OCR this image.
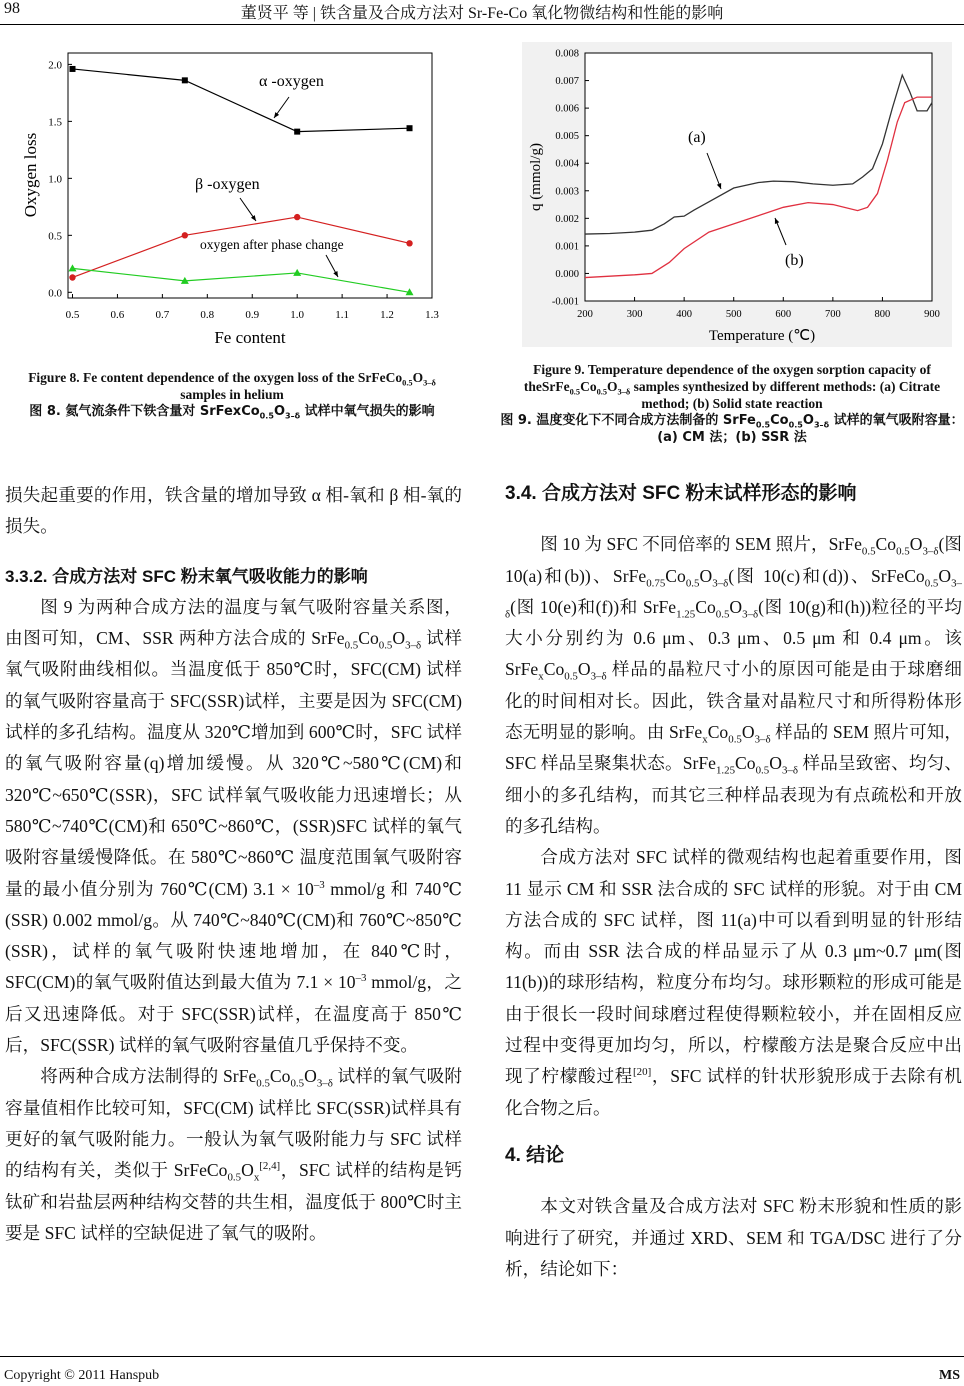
98	董贤平 等 | 铁含量及合成方法对 Sr-Fe-Co 氧化物微结构和性能的影响
0.5	0.6	0.7	0.8	0.9	1.0	1.1	1.2	1.3
0.0
0.5
1.0
1.5
2.0
Fe content
Oxygen loss
α -oxygen
β -oxygen
oxygen after phase change
200	300	400	500	600	700	800	900
-0.001
0.000
0.001
0.002
0.003
0.004
0.005
0.006
0.007
0.008
Temperature (℃)
q (mmol/g)
(a)
(b)
Figure 8. Fe content dependence of the oxygen loss of the $SrFeCo_{0.5}O_{3-\delta}$ samples in helium
图 8. 氦气流条件下铁含量对 $SrFexCo_{0.5}O_{3-\delta}$ 试样中氧气损失的影响
Figure 9. Temperature dependence of the oxygen sorption capacity of $theSrFe_{0.5}Co_{0.5}O_{3-\delta}$ samples synthesized by different methods: (a) Citrate method; (b) Solid state reaction
图 9. 温度变化下不同合成方法制备的 $SrFe_{0.5}Co_{0.5}O_{3-\delta}$ 试样的氧气吸附容量：(a) CM 法；(b) SSR 法

损失起重要的作用，铁含量的增加导致 α 相-氧和 β 相-氧的损失。

3.3.2. 合成方法对 SFC 粉末氧气吸收能力的影响

图 9 为两种合成方法的温度与氧气吸附容量关系图，由图可知，CM、SSR 两种方法合成的 $SrFe_{0.5}Co_{0.5}O_{3-\delta}$ 试样氧气吸附曲线相似。当温度低于 850℃时，SFC(CM) 试样的氧气吸附容量高于 SFC(SSR)试样，主要是因为 SFC(CM)试样的多孔结构。温度从 320℃增加到 600℃时，SFC 试样的氧气吸附容量(q)增加缓慢。从 320℃~580℃(CM)和 320℃~650℃(SSR)，SFC 试样氧气吸收能力迅速增长；从 580℃~740℃(CM)和 650℃~860℃，(SSR)SFC 试样的氧气吸附容量缓慢降低。在 580℃~860℃ 温度范围氧气吸附容量的最小值分别为 760℃(CM) $3.1 \times 10^{-3}$ mmol/g 和 740℃(SSR) 0.002 mmol/g。从 740℃~840℃(CM)和 760℃~850℃(SSR)，试样的氧气吸附快速地增加，在 840℃时，SFC(CM)的氧气吸附值达到最大值为 $7.1 \times 10^{-3}$ mmol/g，之后又迅速降低。对于 SFC(SSR)试样，在温度高于 850℃后，SFC(SSR) 试样的氧气吸附容量值几乎保持不变。

将两种合成方法制得的 $SrFe_{0.5}Co_{0.5}O_{3-\delta}$ 试样的氧气吸附容量值相作比较可知，SFC(CM) 试样比 SFC(SSR)试样具有更好的氧气吸附能力。一般认为氧气吸附能力与 SFC 试样的结构有关，类似于 $SrFeCo_{0.5}O_x[2,4]$，SFC 试样的结构是钙钛矿和岩盐层两种结构交替的共生相，温度低于 800℃时主要是 SFC 试样的空缺促进了氧气的吸附。

3.4. 合成方法对 SFC 粉末试样形态的影响

图 10 为 SFC 不同倍率的 SEM 照片，$SrFe_{0.5}Co_{0.5}O_{3-\delta}$(图 10(a)和(b))、$SrFe_{0.75}Co_{0.5}O_{3-\delta}$(图 10(c)和(d))、$SrFeCo_{0.5}O_{3-\delta}$(图 10(e)和(f))和 $SrFe_{1.25}Co_{0.5}O_{3-\delta}$(图 10(g)和(h))粒径的平均大小分别约为 0.6 μm、0.3 μm、0.5 μm 和 0.4 μm。该 $SrFe_xCo_{0.5}O_{3-\delta}$ 样品的晶粒尺寸小的原因可能是由于球磨细化的时间相对长。因此，铁含量对晶粒尺寸和所得粉体形态无明显的影响。由 $SrFe_xCo_{0.5}O_{3-\delta}$ 样品的 SEM 照片可知，SFC 样品呈聚集状态。$SrFe_{1.25}Co_{0.5}O_{3-\delta}$ 样品呈致密、均匀、细小的多孔结构，而其它三种样品表现为有点疏松和开放的多孔结构。

合成方法对 SFC 试样的微观结构也起着重要作用，图 11 显示 CM 和 SSR 法合成的 SFC 试样的形貌。对于由 CM 方法合成的 SFC 试样，图 11(a)中可以看到明显的针形结构。而由 SSR 法合成的样品显示了从 0.3 μm~0.7 μm(图 11(b))的球形结构，粒度分布均匀。球形颗粒的形成可能是由于很长一段时间球磨过程使得颗粒较小，并在固相反应过程中变得更加均匀，所以，柠檬酸方法是聚合反应中出现了柠檬酸过程[20]，SFC 试样的针状形貌形成于去除有机化合物之后。

4. 结论

本文对铁含量及合成方法对 SFC 粉末形貌和性质的影响进行了研究，并通过 XRD、SEM 和 TGA/DSC 进行了分析，结论如下：

Copyright © 2011 Hanspub	MS
